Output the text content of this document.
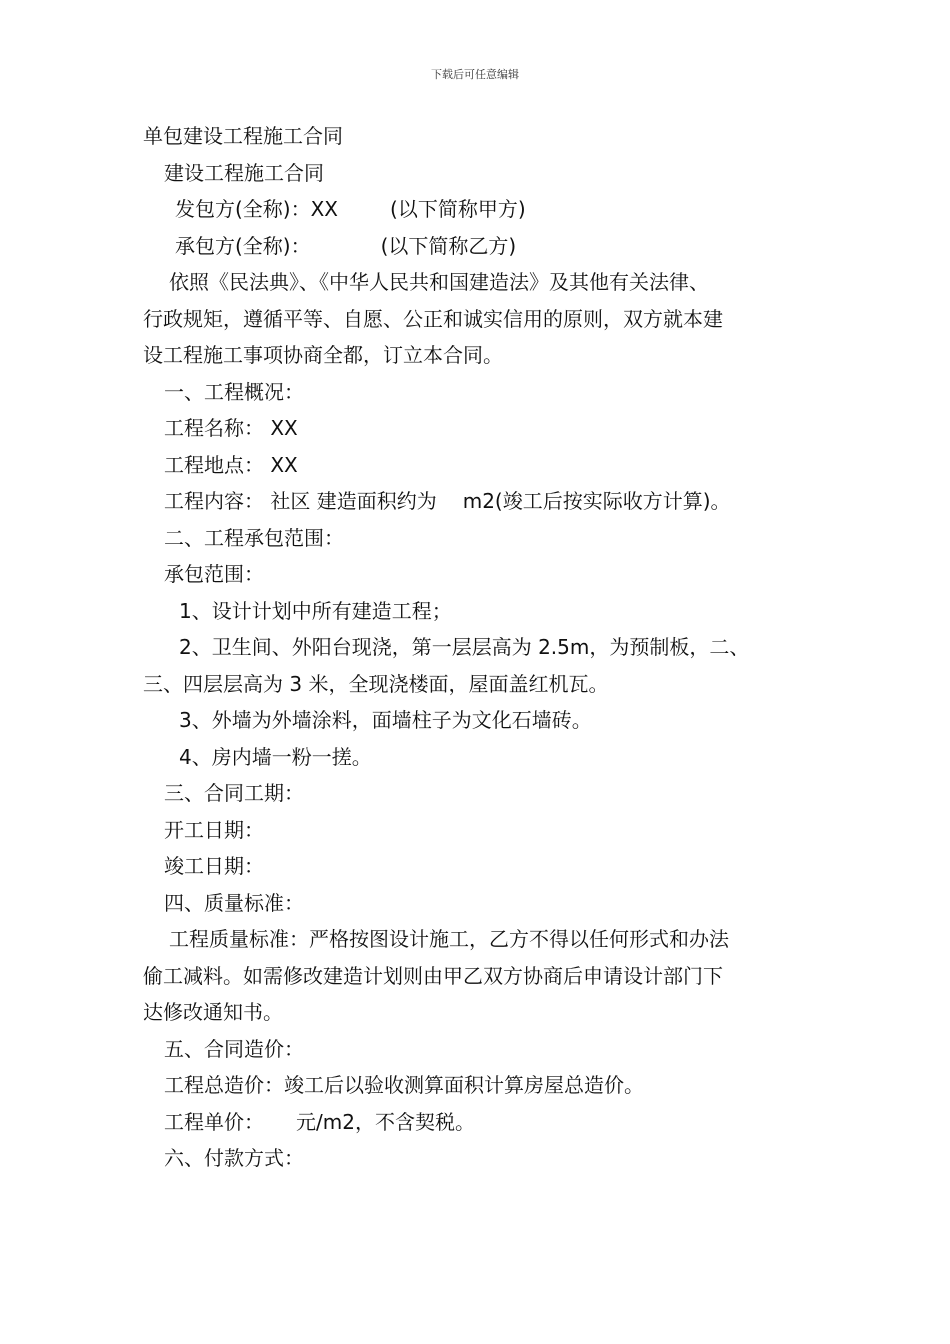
下载后可任意编辑

单包建设工程施工合同

建设工程施工合同

发包方(全称)：XX	(以下简称甲方)

承包方(全称)：	(以下简称乙方)

依照《民法典》、《中华人民共和国建造法》及其他有关法律、

行政规矩，遵循平等、自愿、公正和诚实信用的原则，双方就本建

设工程施工事项协商全都，订立本合同。

一、工程概况：

工程名称： XX

工程地点： XX

工程内容： 社区 建造面积约为 m2(竣工后按实际收方计算)。

二、工程承包范围：

承包范围：

1、设计计划中所有建造工程；

2、卫生间、外阳台现浇，第一层层高为 2.5m，为预制板，二、

三、四层层高为 3 米，全现浇楼面，屋面盖红机瓦。

3、外墙为外墙涂料，面墙柱子为文化石墙砖。

4、房内墙一粉一搓。

三、合同工期：

开工日期：

竣工日期：

四、质量标准：

工程质量标准：严格按图设计施工，乙方不得以任何形式和办法

偷工减料。如需修改建造计划则由甲乙双方协商后申请设计部门下

达修改通知书。

五、合同造价：

工程总造价：竣工后以验收测算面积计算房屋总造价。

工程单价： 元/m2，不含契税。

六、付款方式：
